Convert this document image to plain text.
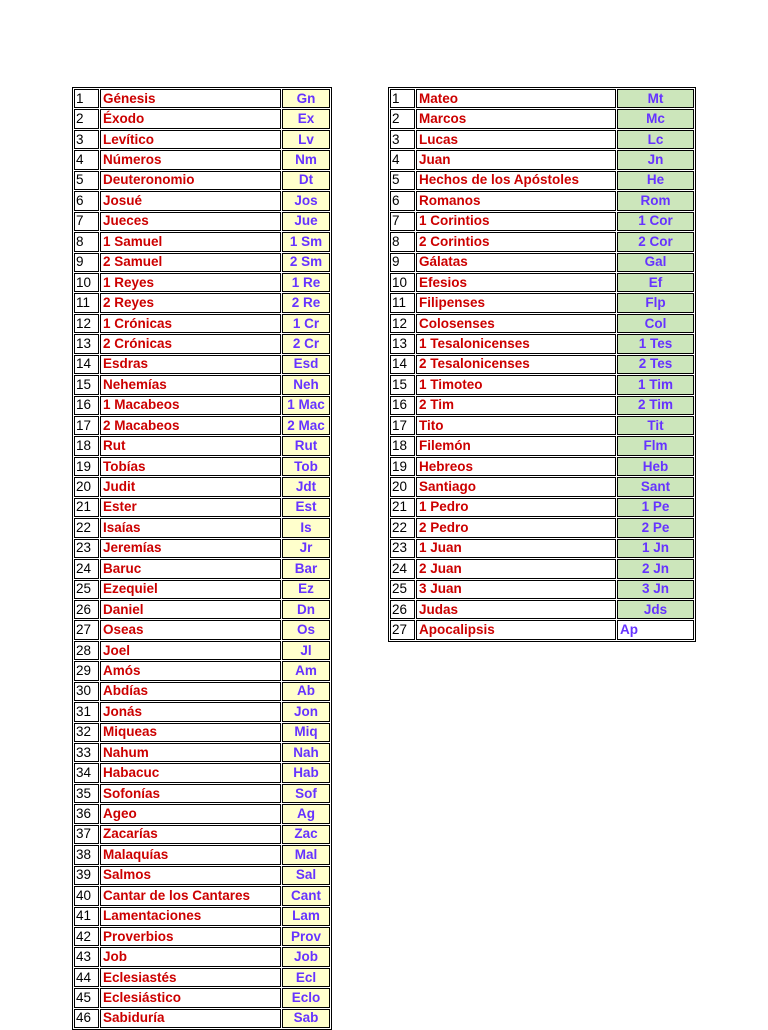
1	Génesis	Gn
2	Éxodo	Ex
3	Levítico	Lv
4	Números	Nm
5	Deuteronomio	Dt
6	Josué	Jos
7	Jueces	Jue
8	1 Samuel	1 Sm
9	2 Samuel	2 Sm
10	1 Reyes	1 Re
11	2 Reyes	2 Re
12	1 Crónicas	1 Cr
13	2 Crónicas	2 Cr
14	Esdras	Esd
15	Nehemías	Neh
16	1 Macabeos	1 Mac
17	2 Macabeos	2 Mac
18	Rut	Rut
19	Tobías	Tob
20	Judit	Jdt
21	Ester	Est
22	Isaías	Is
23	Jeremías	Jr
24	Baruc	Bar
25	Ezequiel	Ez
26	Daniel	Dn
27	Oseas	Os
28	Joel	Jl
29	Amós	Am
30	Abdías	Ab
31	Jonás	Jon
32	Miqueas	Miq
33	Nahum	Nah
34	Habacuc	Hab
35	Sofonías	Sof
36	Ageo	Ag
37	Zacarías	Zac
38	Malaquías	Mal
39	Salmos	Sal
40	Cantar de los Cantares	Cant
41	Lamentaciones	Lam
42	Proverbios	Prov
43	Job	Job
44	Eclesiastés	Ecl
45	Eclesiástico	Eclo
46	Sabiduría	Sab
1	Mateo	Mt
2	Marcos	Mc
3	Lucas	Lc
4	Juan	Jn
5	Hechos de los Apóstoles	He
6	Romanos	Rom
7	1 Corintios	1 Cor
8	2 Corintios	2 Cor
9	Gálatas	Gal
10	Efesios	Ef
11	Filipenses	Flp
12	Colosenses	Col
13	1 Tesalonicenses	1 Tes
14	2 Tesalonicenses	2 Tes
15	1 Timoteo	1 Tim
16	2 Tim	2 Tim
17	Tito	Tit
18	Filemón	Flm
19	Hebreos	Heb
20	Santiago	Sant
21	1 Pedro	1 Pe
22	2 Pedro	2 Pe
23	1 Juan	1 Jn
24	2 Juan	2 Jn
25	3 Juan	3 Jn
26	Judas	Jds
27	Apocalipsis	Ap
